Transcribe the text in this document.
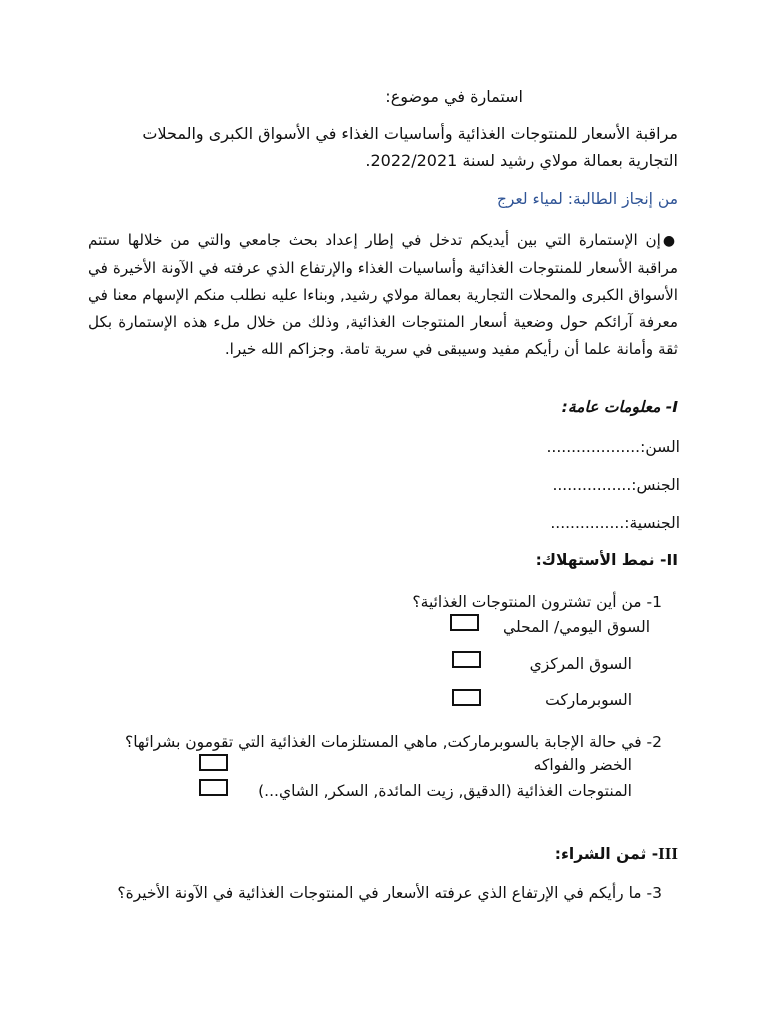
استمارة في موضوع:
مراقبة الأسعار للمنتوجات الغذائية وأساسيات الغذاء في الأسواق الكبرى والمحلات
التجارية بعمالة مولاي رشيد لسنة 2022/2021.
من إنجاز الطالبة: لمياء لعرج
●إن الإستمارة التي بين أيديكم تدخل في إطار إعداد بحث جامعي والتي من خلالها ستتم مراقبة الأسعار للمنتوجات الغذائية وأساسيات الغذاء والإرتفاع الذي عرفته في الآونة الأخيرة في الأسواق الكبرى والمحلات التجارية بعمالة مولاي رشيد, وبناءا عليه نطلب منكم الإسهام معنا في معرفة آرائكم حول وضعية أسعار المنتوجات الغذائية, وذلك من خلال ملء هذه الإستمارة بكل ثقة وأمانة علما أن رأيكم مفيد وسيبقى في سرية تامة. وجزاكم الله خيرا.
I- معلومات عامة:
السن:...................
الجنس:................
الجنسية:...............
II- نمط الأستهلاك:
1- من أين تشترون المنتوجات الغذائية؟
السوق اليومي/ المحلي
السوق المركزي
السوبرماركت
2- في حالة الإجابة بالسوبرماركت, ماهي المستلزمات الغذائية التي تقومون بشرائها؟
الخضر والفواكه
المنتوجات الغذائية (الدقيق, زيت المائدة, السكر, الشاي...)
III- ثمن الشراء:
3- ما رأيكم في الإرتفاع الذي عرفته الأسعار في المنتوجات الغذائية في الآونة الأخيرة؟
